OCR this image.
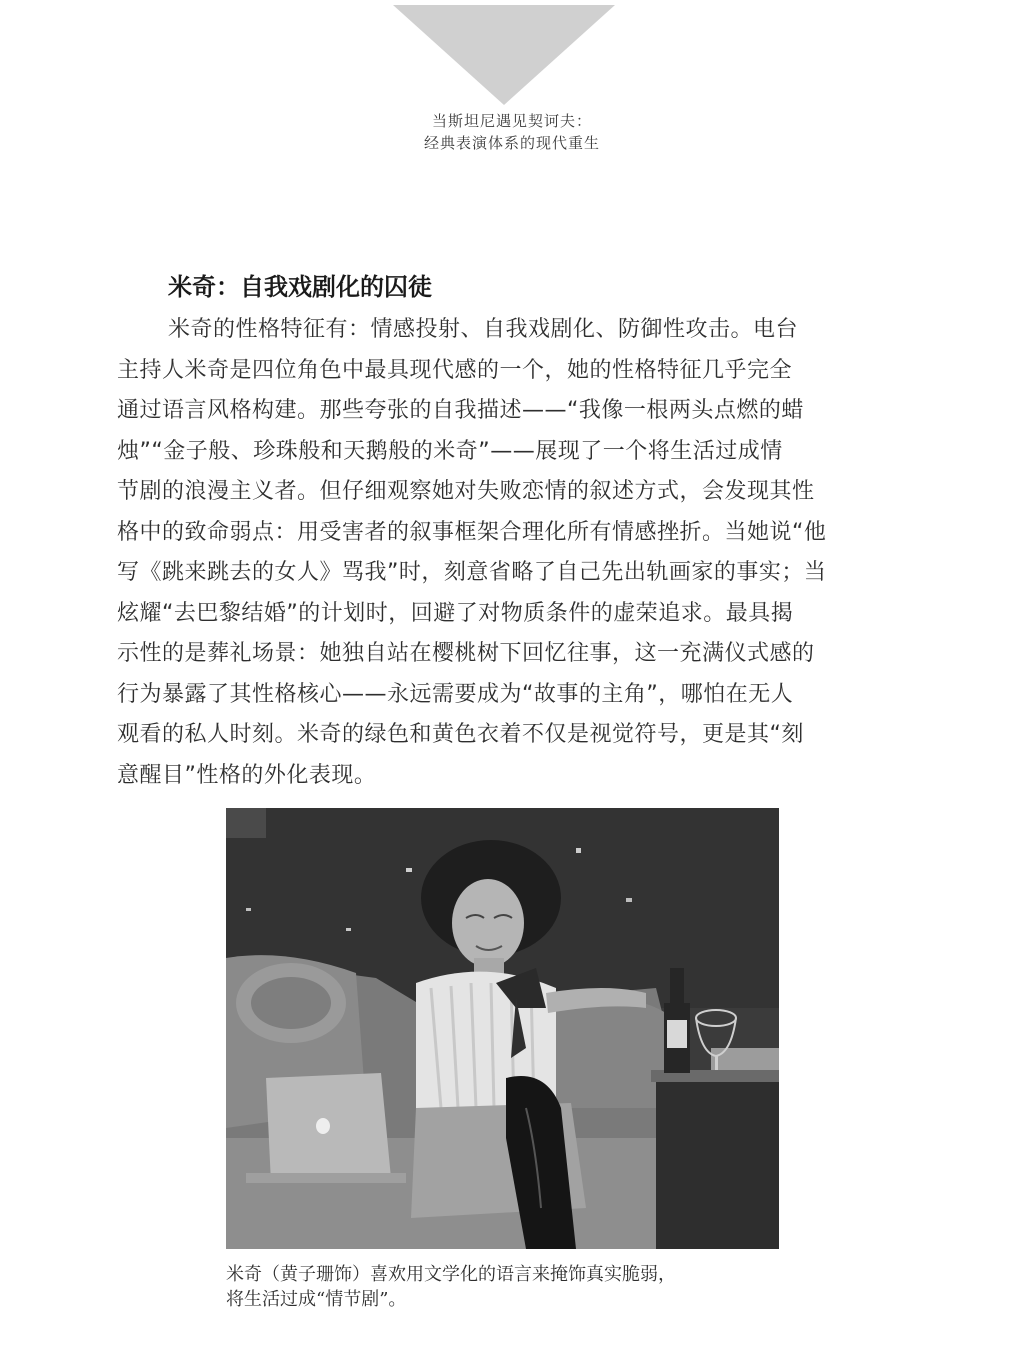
当斯坦尼遇见契诃夫：
经典表演体系的现代重生
米奇：自我戏剧化的囚徒
米奇的性格特征有：情感投射、自我戏剧化、防御性攻击。电台
主持人米奇是四位角色中最具现代感的一个，她的性格特征几乎完全
通过语言风格构建。那些夸张的自我描述——“我像一根两头点燃的蜡
烛”“金子般、珍珠般和天鹅般的米奇”——展现了一个将生活过成情
节剧的浪漫主义者。但仔细观察她对失败恋情的叙述方式，会发现其性
格中的致命弱点：用受害者的叙事框架合理化所有情感挫折。当她说“他
写《跳来跳去的女人》骂我”时，刻意省略了自己先出轨画家的事实；当
炫耀“去巴黎结婚”的计划时，回避了对物质条件的虚荣追求。最具揭
示性的是葬礼场景：她独自站在樱桃树下回忆往事，这一充满仪式感的
行为暴露了其性格核心——永远需要成为“故事的主角”，哪怕在无人
观看的私人时刻。米奇的绿色和黄色衣着不仅是视觉符号，更是其“刻
意醒目”性格的外化表现。
米奇（黄子珊饰）喜欢用文学化的语言来掩饰真实脆弱，
将生活过成“情节剧”。
